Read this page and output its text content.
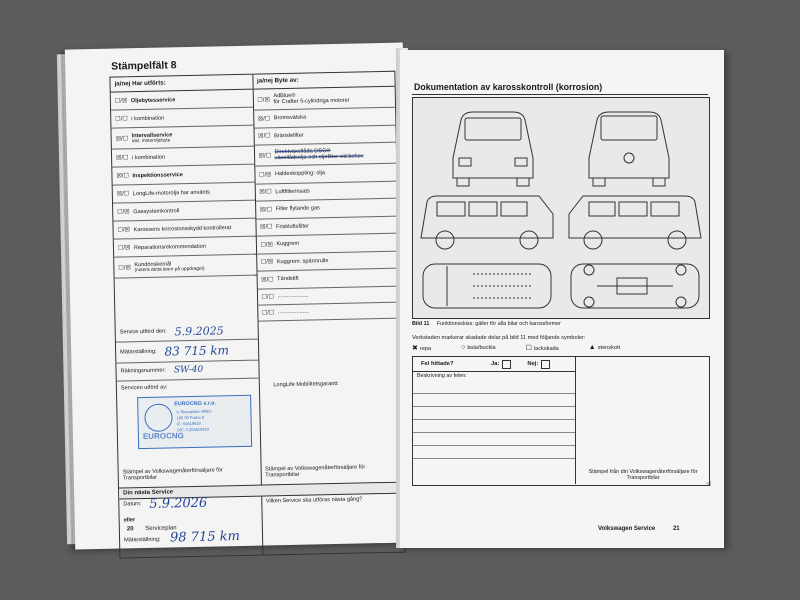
Stämpelfält 8
ja/nej Har utförts:
☐/☒ Oljebytesservice
☐/☐ i kombination
☒/☐
Intervallservice
inkl. motoroljebyte
☒/☐ i kombination
☒/☐ Inspektionsservice
☒/☐ LongLife-motorolja har använts
☐/☒ Gassystemkontroll
☐/☒ Karossens korrosionsskydd kontrollerat
☐/☒ Reparationsrekommendation
☐/☒
Kundönskemål
(notera detta även på uppdraget)
ja/nej Byte av:
☐/☒
AdBlue®
för Crafter 5-cylindriga motorer
☒/☐ Bromsvätska
☒/☐ Bränslefilter
☒/☐
Direktväxellåda DSG®
växellådsolja och oljefilter vid behov
☐/☒ Haldexkoppling: olja
☒/☐ Luftfilterinsats
☒/☐ Filter flytande gas
☒/☐ Friskluftsfilter
☐/☒ Kuggrem
☐/☒ Kuggrem: spännrulle
☒/☐ Tändstift
☐/☐ ....................
☐/☐ ....................
Service utförd den: 5.9.2025
Mätarställning: 83 715 km
Räkningsnummer: SW-40
Servicen utförd av:
EUROCNG s.r.o.
U Stavoplánu 806/5
180 00 Praha 8
IČ: 04619919
DIČ: CZ04619919
EUROCNG
Stämpel av Volkswagenåterförsäljare för Transportbilar
LongLife Mobilitetsgaranti:
Stämpel av Volkswagenåterförsäljare för Transportbilar
Din nästa Service
Datum: 5.9.2026
eller
Mätarställning: 98 715 km
Vilken Service ska utföras nästa gång?
20 Serviceplan
Dokumentation av karosskontroll (korrosion)
Bild 11 Funktionsskiss: gäller för alla bilar och karossformer
Verkstaden markerar skadade delar på bild 11 med följande symboler:
✖ repa	○ bula/buckla	☐ lackskada	▲ stenskott
Fel hittade?	Ja:	Nej:
Beskrivning av felen:
Stämpel från din Volkswagenåterförsäljare för Transportbilar
◁
Volkswagen Service	21
